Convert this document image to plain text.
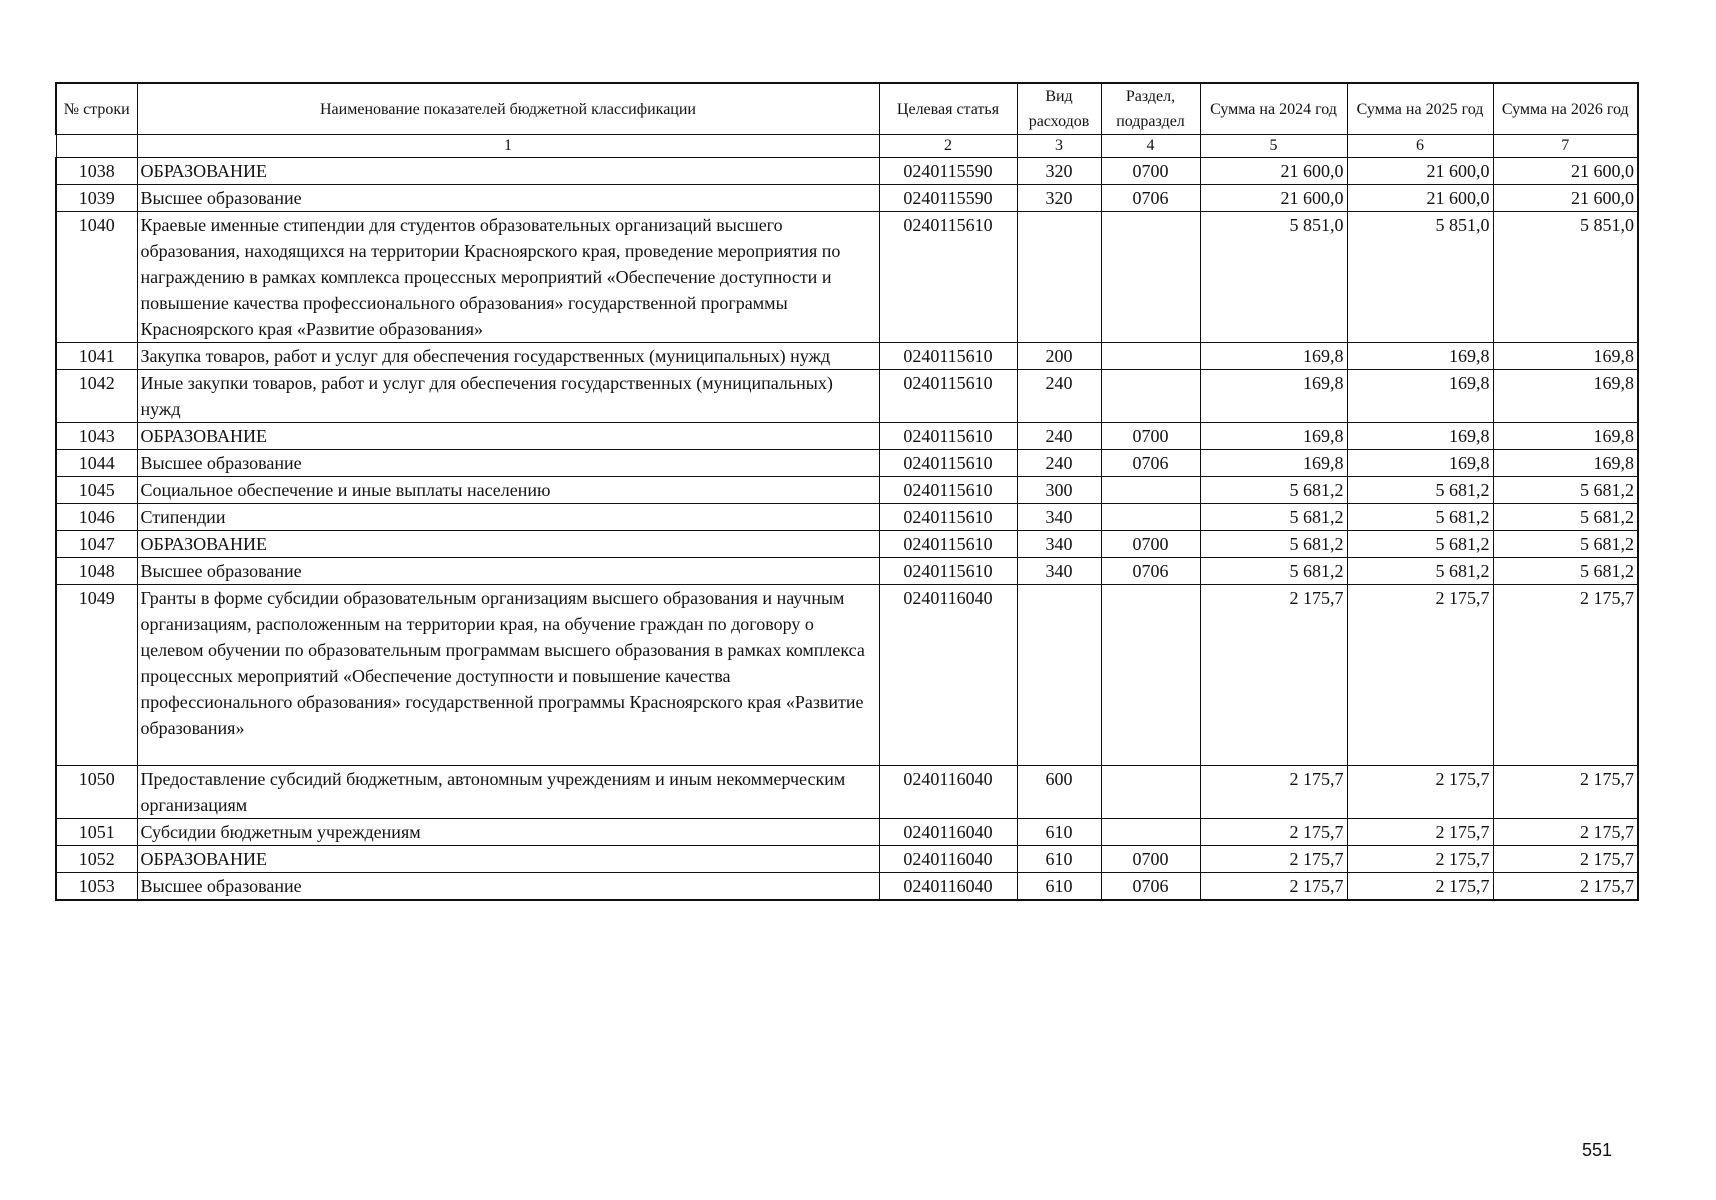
№ строки	Наименование показателей бюджетной классификации	Целевая статья	Вид расходов	Раздел, подраздел	Сумма на 2024 год	Сумма на 2025 год	Сумма на 2026 год
	1	2	3	4	5	6	7
1038	ОБРАЗОВАНИЕ	0240115590	320	0700	21 600,0	21 600,0	21 600,0
1039	Высшее образование	0240115590	320	0706	21 600,0	21 600,0	21 600,0
1040	Краевые именные стипендии для студентов образовательных организаций высшего образования, находящихся на территории Красноярского края, проведение мероприятия по награждению в рамках комплекса процессных мероприятий «Обеспечение доступности и повышение качества профессионального образования» государственной программы Красноярского края «Развитие образования»	0240115610			5 851,0	5 851,0	5 851,0
1041	Закупка товаров, работ и услуг для обеспечения государственных (муниципальных) нужд	0240115610	200		169,8	169,8	169,8
1042	Иные закупки товаров, работ и услуг для обеспечения государственных (муниципальных) нужд	0240115610	240		169,8	169,8	169,8
1043	ОБРАЗОВАНИЕ	0240115610	240	0700	169,8	169,8	169,8
1044	Высшее образование	0240115610	240	0706	169,8	169,8	169,8
1045	Социальное обеспечение и иные выплаты населению	0240115610	300		5 681,2	5 681,2	5 681,2
1046	Стипендии	0240115610	340		5 681,2	5 681,2	5 681,2
1047	ОБРАЗОВАНИЕ	0240115610	340	0700	5 681,2	5 681,2	5 681,2
1048	Высшее образование	0240115610	340	0706	5 681,2	5 681,2	5 681,2
1049	Гранты в форме субсидии образовательным организациям высшего образования и научным организациям, расположенным на территории края, на обучение граждан по договору о целевом обучении по образовательным программам высшего образования в рамках комплекса процессных мероприятий «Обеспечение доступности и повышение качества профессионального образования» государственной программы Красноярского края «Развитие образования»	0240116040			2 175,7	2 175,7	2 175,7
1050	Предоставление субсидий бюджетным, автономным учреждениям и иным некоммерческим организациям	0240116040	600		2 175,7	2 175,7	2 175,7
1051	Субсидии бюджетным учреждениям	0240116040	610		2 175,7	2 175,7	2 175,7
1052	ОБРАЗОВАНИЕ	0240116040	610	0700	2 175,7	2 175,7	2 175,7
1053	Высшее образование	0240116040	610	0706	2 175,7	2 175,7	2 175,7
551
